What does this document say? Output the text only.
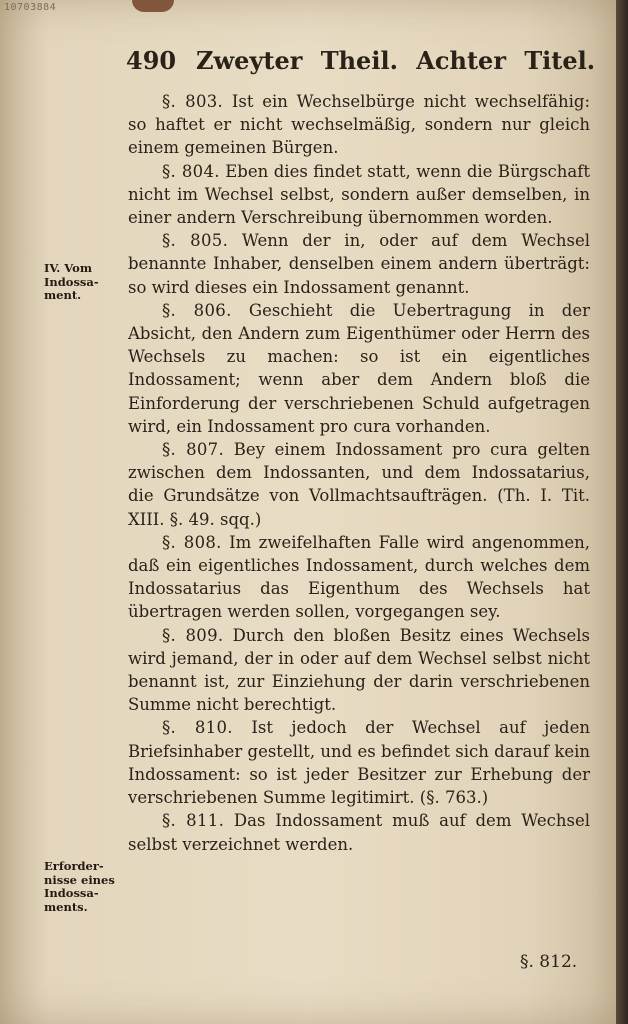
10703884
490 Zweyter Theil. Achter Titel.
IV. Vom
Indossa-
ment.
Erforder-
nisse eines
Indossa-
ments.

§. 803. Ist ein Wechselbürge nicht wechselfähig: so haftet er nicht wechselmäßig, sondern nur gleich einem gemeinen Bürgen.

§. 804. Eben dies findet statt, wenn die Bürgschaft nicht im Wechsel selbst, sondern außer demselben, in einer andern Verschreibung übernommen worden.

§. 805. Wenn der in, oder auf dem Wechsel benannte Inhaber, denselben einem andern überträgt: so wird dieses ein Indossament genannt.

§. 806. Geschieht die Uebertragung in der Absicht, den Andern zum Eigenthümer oder Herrn des Wechsels zu machen: so ist ein eigentliches Indossament; wenn aber dem Andern bloß die Einforderung der verschriebenen Schuld aufgetragen wird, ein Indossament pro cura vorhanden.

§. 807. Bey einem Indossament pro cura gelten zwischen dem Indossanten, und dem Indossatarius, die Grundsätze von Vollmachtsaufträgen. (Th. I. Tit. XIII. §. 49. sqq.)

§. 808. Im zweifelhaften Falle wird angenommen, daß ein eigentliches Indossament, durch welches dem Indossatarius das Eigenthum des Wechsels hat übertragen werden sollen, vorgegangen sey.

§. 809. Durch den bloßen Besitz eines Wechsels wird jemand, der in oder auf dem Wechsel selbst nicht benannt ist, zur Einziehung der darin verschriebenen Summe nicht berechtigt.

§. 810. Ist jedoch der Wechsel auf jeden Briefsinhaber gestellt, und es befindet sich darauf kein Indossament: so ist jeder Besitzer zur Erhebung der verschriebenen Summe legitimirt. (§. 763.)

§. 811. Das Indossament muß auf dem Wechsel selbst verzeichnet werden.

§. 812.
